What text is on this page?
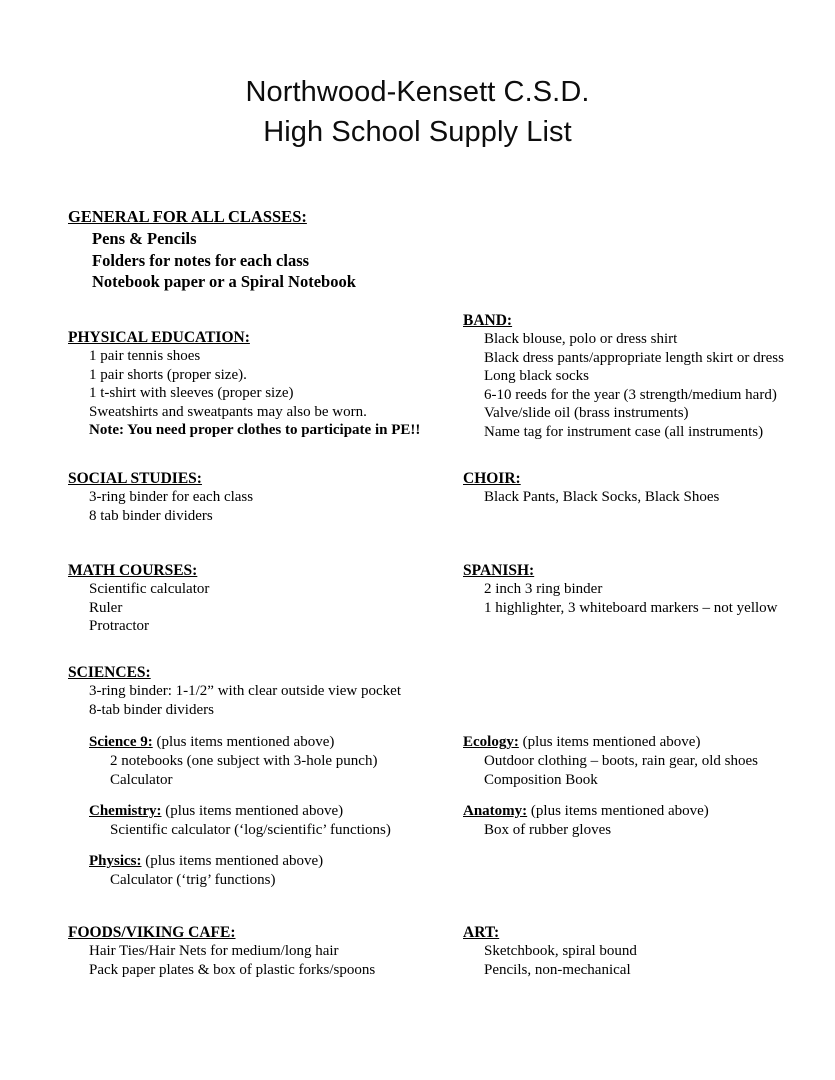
Northwood-Kensett C.S.D.
High School Supply List
GENERAL FOR ALL CLASSES:
Pens & Pencils
Folders for notes for each class
Notebook paper or a Spiral Notebook
PHYSICAL EDUCATION:
1 pair tennis shoes
1 pair shorts (proper size).
1 t-shirt with sleeves (proper size)
Sweatshirts and sweatpants may also be worn.
Note: You need proper clothes to participate in PE!!
SOCIAL STUDIES:
3-ring binder for each class
8 tab binder dividers
MATH COURSES:
Scientific calculator
Ruler
Protractor
SCIENCES:
3-ring binder: 1-1/2” with clear outside view pocket
8-tab binder dividers
Science 9: (plus items mentioned above)
2 notebooks (one subject with 3-hole punch)
Calculator
Chemistry: (plus items mentioned above)
Scientific calculator (‘log/scientific’ functions)
Physics: (plus items mentioned above)
Calculator (‘trig’ functions)
FOODS/VIKING CAFE:
Hair Ties/Hair Nets for medium/long hair
Pack paper plates & box of plastic forks/spoons
BAND:
Black blouse, polo or dress shirt
Black dress pants/appropriate length skirt or dress
Long black socks
6-10 reeds for the year (3 strength/medium hard)
Valve/slide oil (brass instruments)
Name tag for instrument case (all instruments)
CHOIR:
Black Pants, Black Socks, Black Shoes
SPANISH:
2 inch 3 ring binder
1 highlighter, 3 whiteboard markers – not yellow
Ecology: (plus items mentioned above)
Outdoor clothing – boots, rain gear, old shoes
Composition Book
Anatomy: (plus items mentioned above)
Box of rubber gloves
ART:
Sketchbook, spiral bound
Pencils, non-mechanical
